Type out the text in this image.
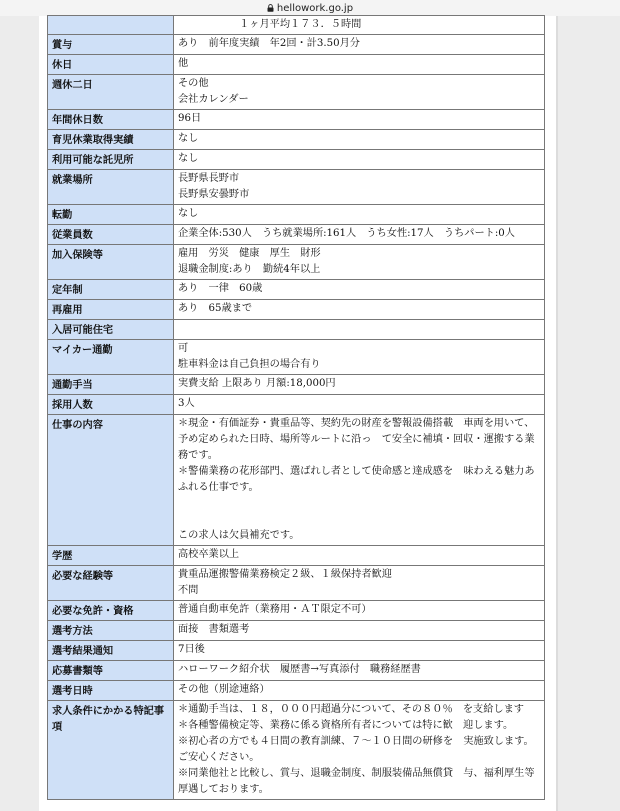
hellowork.go.jp

	　　　　　　１ヶ月平均１７３．５時間

賞与	あり　前年度実績　年2回・計3.50月分

休日	他

週休二日	その他
会社カレンダー

年間休日数	96日

育児休業取得実績	なし

利用可能な託児所	なし

就業場所	長野県長野市
長野県安曇野市

転勤	なし

従業員数	企業全体:530人　うち就業場所:161人　うち女性:17人　うちパート:0人

加入保険等	雇用　労災　健康　厚生　財形
退職金制度:あり　勤続4年以上

定年制	あり　一律　60歳

再雇用	あり　65歳まで

入居可能住宅	

マイカー通勤	可
駐車料金は自己負担の場合有り

通勤手当	実費支給 上限あり 月額:18,000円

採用人数	3人

仕事の内容	＊現金・有価証券・貴重品等、契約先の財産を警報設備搭載　車両を用いて、予め定められた日時、場所等ルートに沿っ　て安全に補填・回収・運搬する業務です。
＊警備業務の花形部門、選ばれし者として使命感と達成感を　味わえる魅力あふれる仕事です。
この求人は欠員補充です。

学歴	高校卒業以上

必要な経験等	貴重品運搬警備業務検定２級、１級保持者歓迎
不問

必要な免許・資格	普通自動車免許（業務用・ＡＴ限定不可）

選考方法	面接　書類選考

選考結果通知	7日後

応募書類等	ハローワーク紹介状　履歴書→写真添付　職務経歴書

選考日時	その他（別途連絡）

求人条件にかかる特記事項	＊通勤手当は、１８，０００円超過分について、その８０％　を支給します
＊各種警備検定等、業務に係る資格所有者については特に歓　迎します。
※初心者の方でも４日間の教育訓練、７～１０日間の研修を　実施致します。ご安心ください。
※同業他社と比較し、賞与、退職金制度、制服装備品無償貸　与、福利厚生等厚遇しております。
